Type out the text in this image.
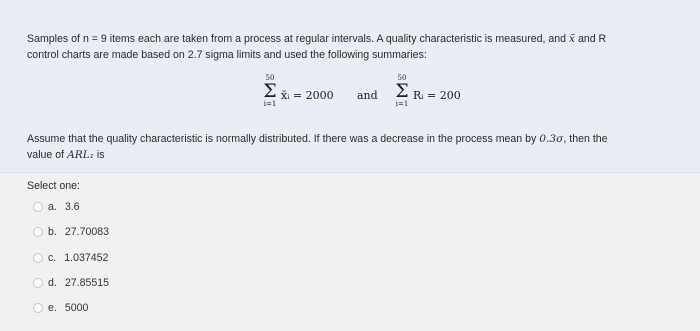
Samples of n = 9 items each are taken from a process at regular intervals. A quality characteristic is measured, and x̄ and R
control charts are made based on 2.7 sigma limits and used the following summaries:
50
Σ
i=1
x̄ᵢ = 2000 and
50
Σ
i=1
Rᵢ = 200
Assume that the quality characteristic is normally distributed. If there was a decrease in the process mean by 0.3σ, then the
value of ARL₁ is
Select one:
a. 3.6
b. 27.70083
c. 1.037452
d. 27.85515
e. 5000
